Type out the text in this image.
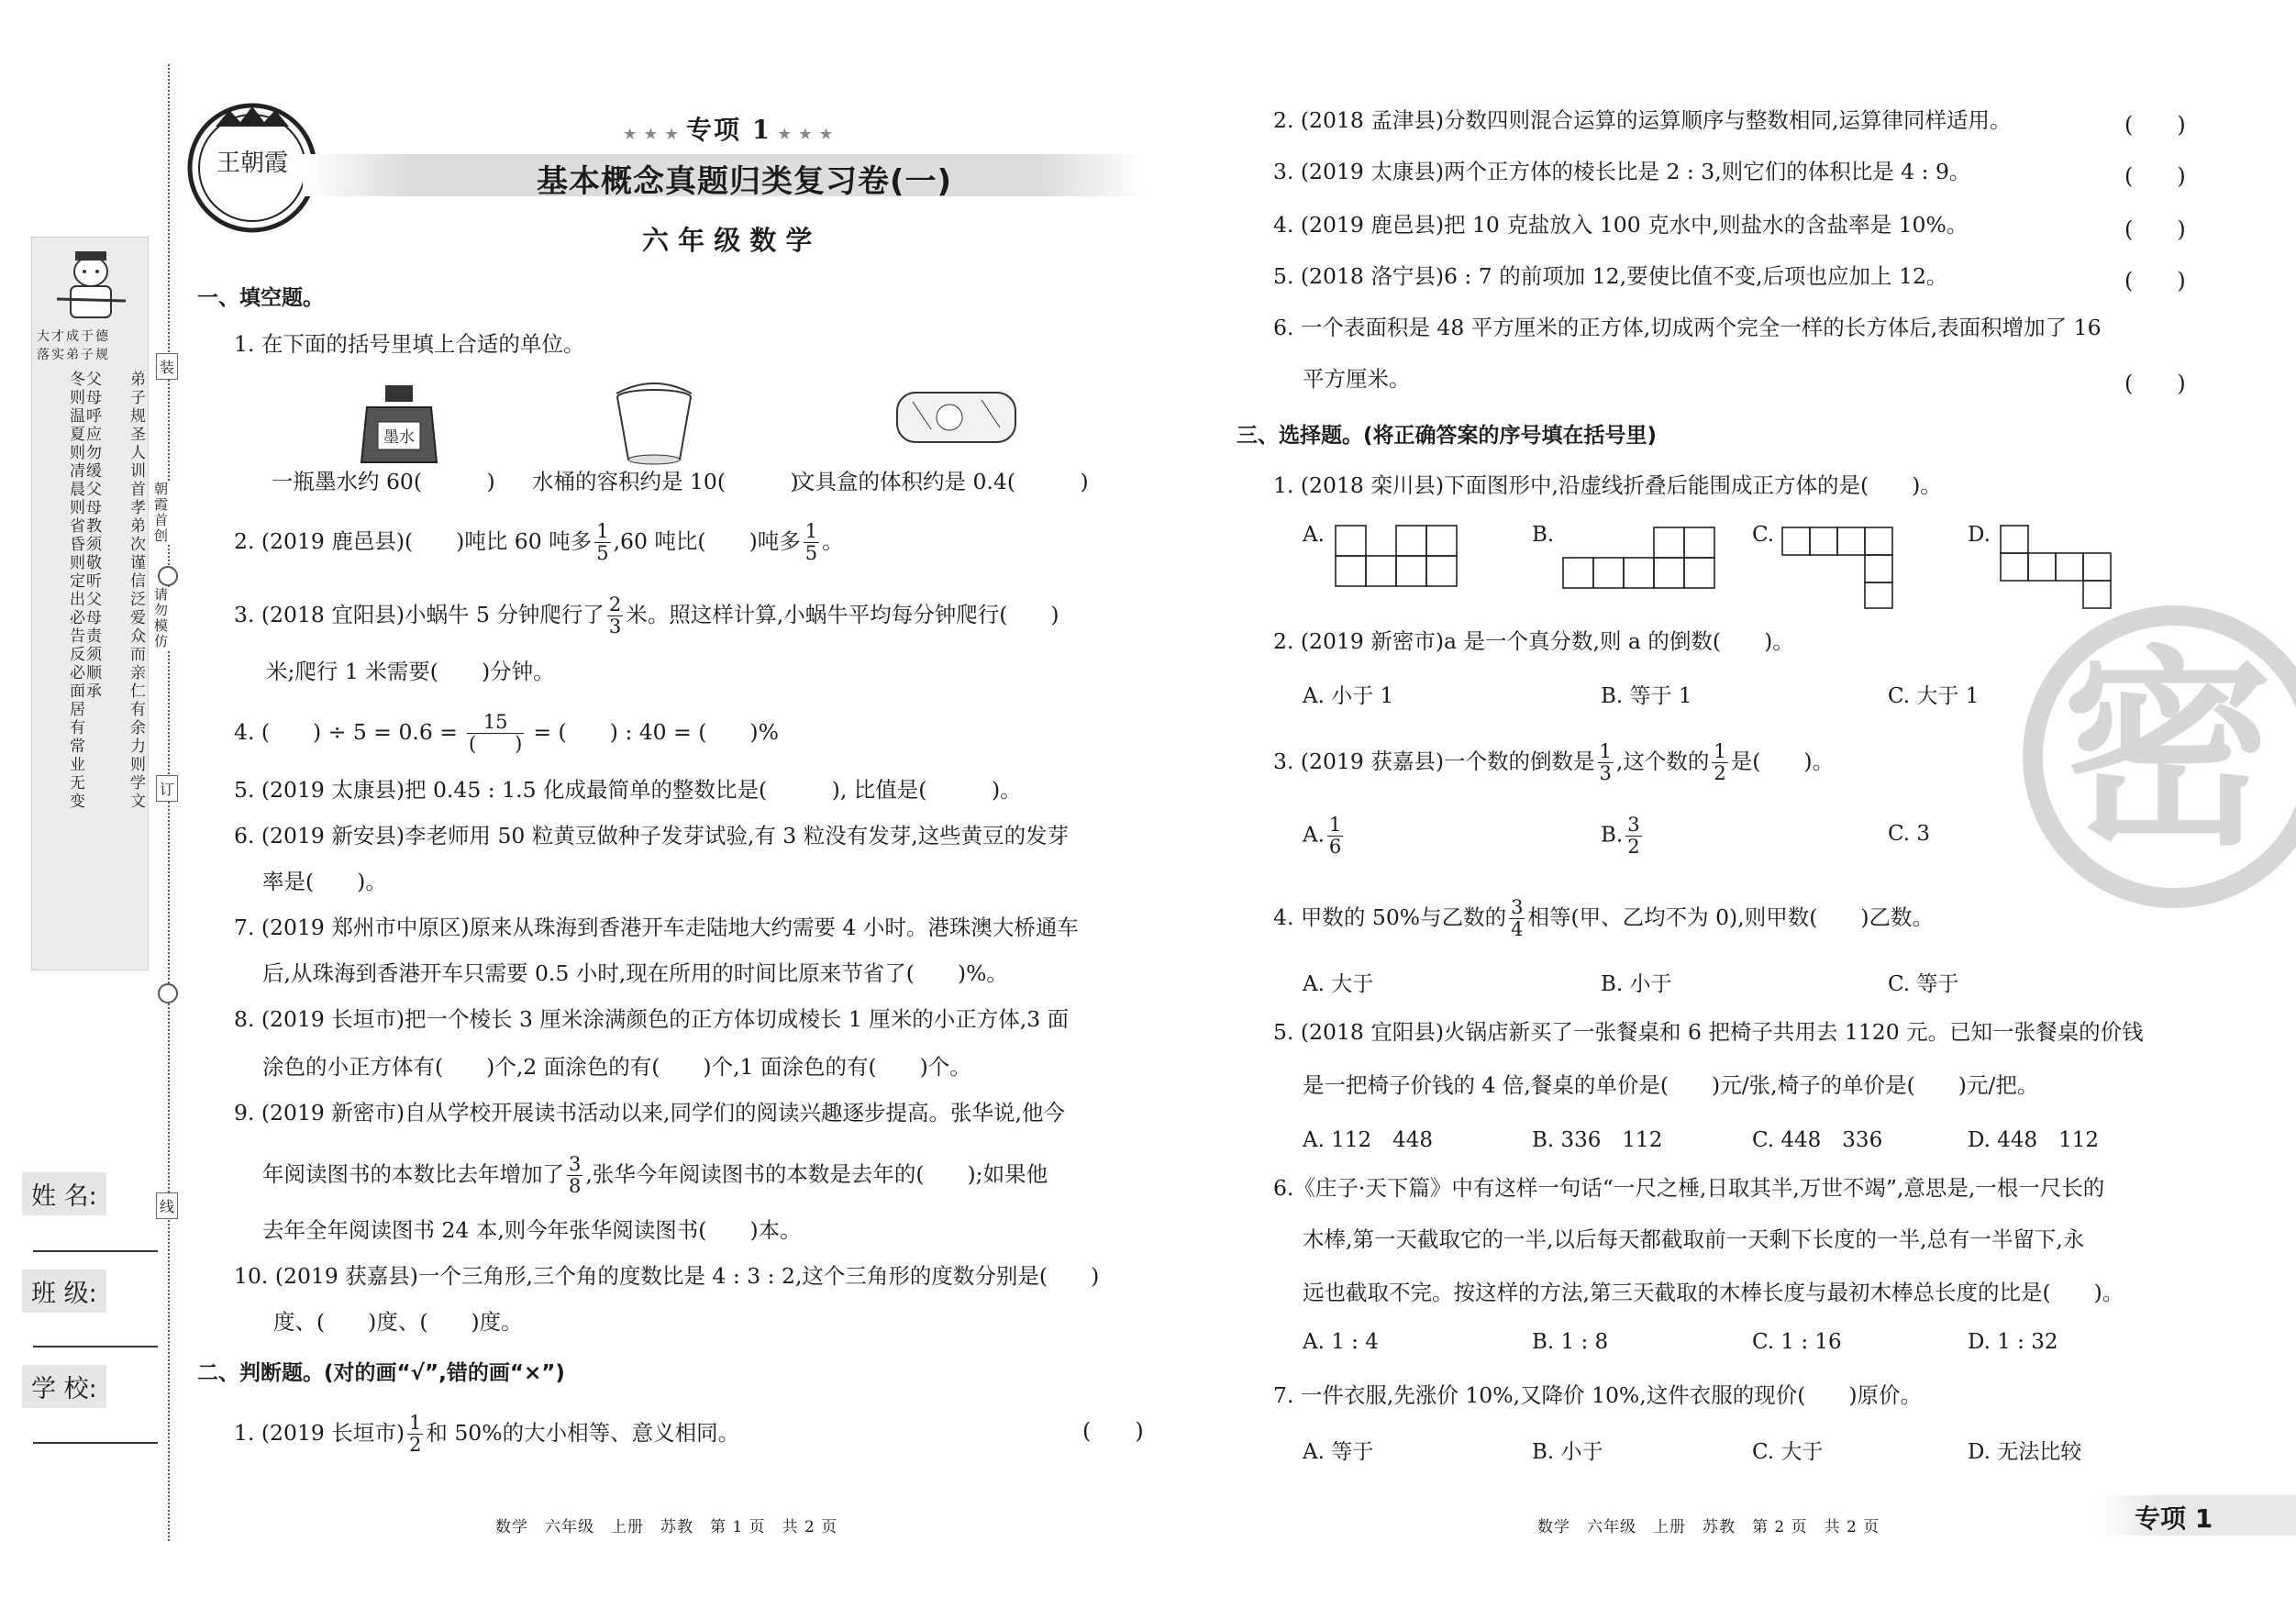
大才成于德
落实弟子规
弟子规圣人训首孝弟次谨信泛爱众而亲仁有余力则学文
父母呼应勿缓父母教须敬听父母责须顺承
冬则温夏则凊晨则省昏则定出必告反必面居有常业无变
姓 名:
班 级:
学 校:
装
朝霞首创
请勿模仿
订
线
王朝霞
★ ★ ★ 专项 1 ★ ★ ★
基本概念真题归类复习卷(一)
六 年 级 数 学
一、填空题。
1. 在下面的括号里填上合适的单位。
墨水
一瓶墨水约 60(　　　) 水桶的容积约是 10(　　　)
文具盒的体积约是 0.4(　　　)
2. (2019 鹿邑县)(　　)吨比 60 吨多 $\frac{1}{5} ,60$ 吨比(　　)吨多 $\frac{1}{5}$ 。
3. (2018 宜阳县)小蜗牛 5 分钟爬行了 $\frac{2}{3}$ 米。照这样计算,小蜗牛平均每分钟爬行(　　)
米;爬行 1 米需要(　　)分钟。
4. (　　) ÷ $5 = 0.6 = \frac{15}{( )}$ = (　　) : 40 = (　　)%
5. (2019 太康县)把 0.45 : 1.5 化成最简单的整数比是(　　　), 比值是(　　　)。
6. (2019 新安县)李老师用 50 粒黄豆做种子发芽试验,有 3 粒没有发芽,这些黄豆的发芽
率是(　　)。
7. (2019 郑州市中原区)原来从珠海到香港开车走陆地大约需要 4 小时。港珠澳大桥通车
后,从珠海到香港开车只需要 0.5 小时,现在所用的时间比原来节省了(　　)%。
8. (2019 长垣市)把一个棱长 3 厘米涂满颜色的正方体切成棱长 1 厘米的小正方体,3 面
涂色的小正方体有(　　)个,2 面涂色的有(　　)个,1 面涂色的有(　　)个。
9. (2019 新密市)自从学校开展读书活动以来,同学们的阅读兴趣逐步提高。张华说,他今
年阅读图书的本数比去年增加了 $\frac{3}{8}$ ,张华今年阅读图书的本数是去年的(　　);如果他
去年全年阅读图书 24 本,则今年张华阅读图书(　　)本。
10. (2019 获嘉县)一个三角形,三个角的度数比是 4 : 3 : 2,这个三角形的度数分别是(　　)
度、(　　)度、(　　)度。
二、判断题。(对的画“√”,错的画“×”)
1. (2019 长垣市) $\frac{1}{2}$ 和 50%的大小相等、意义相同。	(　　)
数学　六年级　上册　苏教　第 1 页　共 2 页
2. (2018 孟津县)分数四则混合运算的运算顺序与整数相同,运算律同样适用。	(　　)
3. (2019 太康县)两个正方体的棱长比是 2 : 3,则它们的体积比是 4 : 9。	(　　)
4. (2019 鹿邑县)把 10 克盐放入 100 克水中,则盐水的含盐率是 10%。	(　　)
5. (2018 洛宁县)6 : 7 的前项加 12,要使比值不变,后项也应加上 12。	(　　)
6. 一个表面积是 48 平方厘米的正方体,切成两个完全一样的长方体后,表面积增加了 16
平方厘米。	(　　)
三、选择题。(将正确答案的序号填在括号里)
1. (2018 栾川县)下面图形中,沿虚线折叠后能围成正方体的是(　　)。
A.	B.	C.	D.
2. (2019 新密市)a 是一个真分数,则 a 的倒数(　　)。
A. 小于 1	B. 等于 1	C. 大于 1
3. (2019 获嘉县)一个数的倒数是 $\frac{1}{3}$ ,这个数的 $\frac{1}{2}$ 是(　　)。
A. $\frac{1}{6}$	B. $\frac{3}{2}$	C. 3
4. 甲数的 50%与乙数的 $\frac{3}{4}$ 相等(甲、乙均不为 0),则甲数(　　)乙数。
A. 大于	B. 小于	C. 等于
5. (2018 宜阳县)火锅店新买了一张餐桌和 6 把椅子共用去 1120 元。已知一张餐桌的价钱
是一把椅子价钱的 4 倍,餐桌的单价是(　　)元/张,椅子的单价是(　　)元/把。
A. 112　448	B. 336　112	C. 448　336	D. 448　112
6.《庄子·天下篇》中有这样一句话“一尺之棰,日取其半,万世不竭”,意思是,一根一尺长的
木棒,第一天截取它的一半,以后每天都截取前一天剩下长度的一半,总有一半留下,永
远也截取不完。按这样的方法,第三天截取的木棒长度与最初木棒总长度的比是(　　)。
A. 1 : 4	B. 1 : 8	C. 1 : 16	D. 1 : 32
7. 一件衣服,先涨价 10%,又降价 10%,这件衣服的现价(　　)原价。
A. 等于	B. 小于	C. 大于	D. 无法比较
密
数学　六年级　上册　苏教　第 2 页　共 2 页	专项 1
